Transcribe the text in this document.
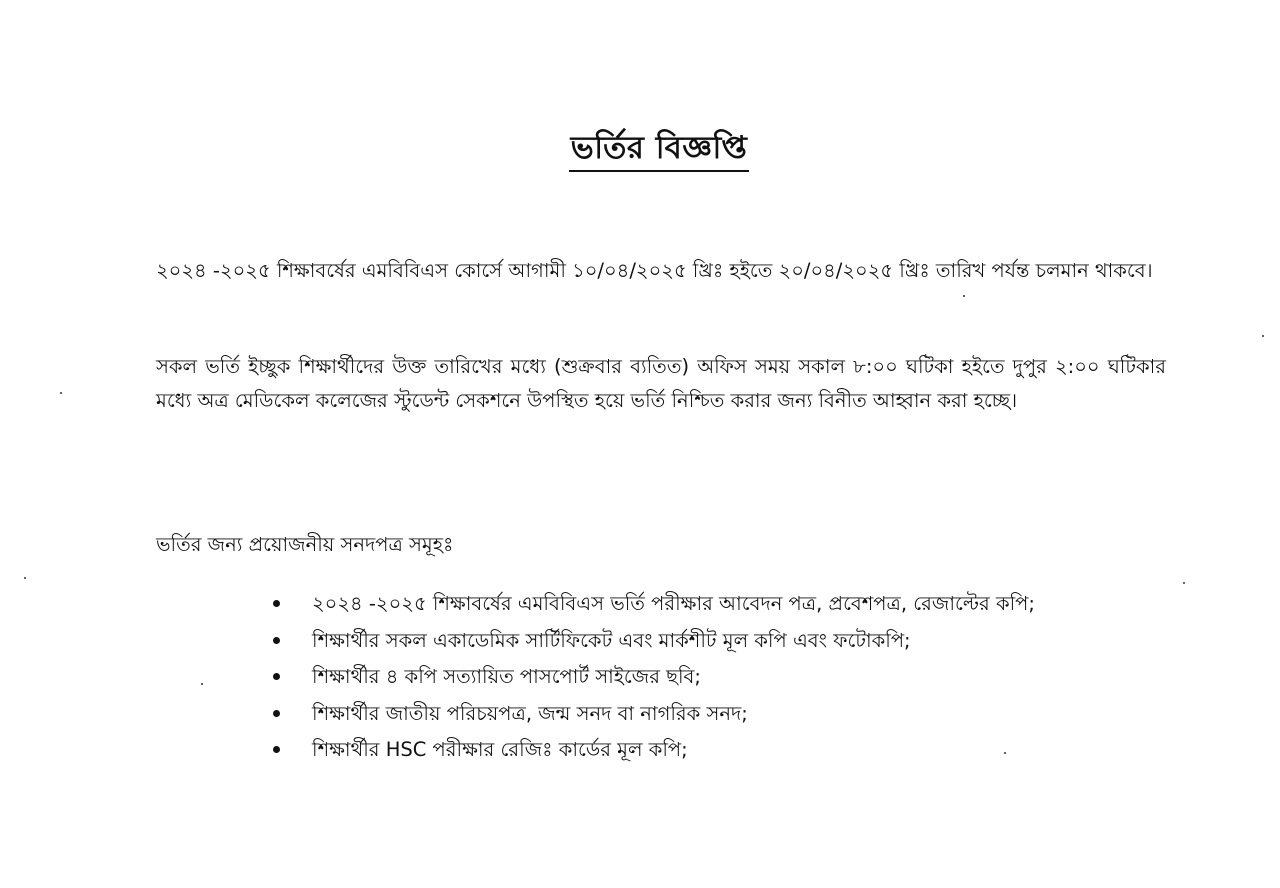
ভর্তির বিজ্ঞপ্তি
২০২৪ -২০২৫ শিক্ষাবর্ষের এমবিবিএস কোর্সে আগামী ১০/০৪/২০২৫ খ্রিঃ হইতে ২০/০৪/২০২৫ খ্রিঃ তারিখ পর্যন্ত চলমান থাকবে।
সকল ভর্তি ইচ্ছুক শিক্ষার্থীদের উক্ত তারিখের মধ্যে (শুক্রবার ব্যতিত) অফিস সময় সকাল ৮:০০ ঘটিকা হইতে দুপুর ২:০০ ঘটিকার মধ্যে অত্র মেডিকেল কলেজের স্টুডেন্ট সেকশনে উপস্থিত হয়ে ভর্তি নিশ্চিত করার জন্য বিনীত আহ্বান করা হচ্ছে।
ভর্তির জন্য প্রয়োজনীয় সনদপত্র সমূহঃ
২০২৪ -২০২৫ শিক্ষাবর্ষের এমবিবিএস ভর্তি পরীক্ষার আবেদন পত্র, প্রবেশপত্র, রেজাল্টের কপি;
শিক্ষার্থীর সকল একাডেমিক সার্টিফিকেট এবং মার্কশীট মূল কপি এবং ফটোকপি;
শিক্ষার্থীর ৪ কপি সত্যায়িত পাসপোর্ট সাইজের ছবি;
শিক্ষার্থীর জাতীয় পরিচয়পত্র, জন্ম সনদ বা নাগরিক সনদ;
শিক্ষার্থীর HSC পরীক্ষার রেজিঃ কার্ডের মূল কপি;
